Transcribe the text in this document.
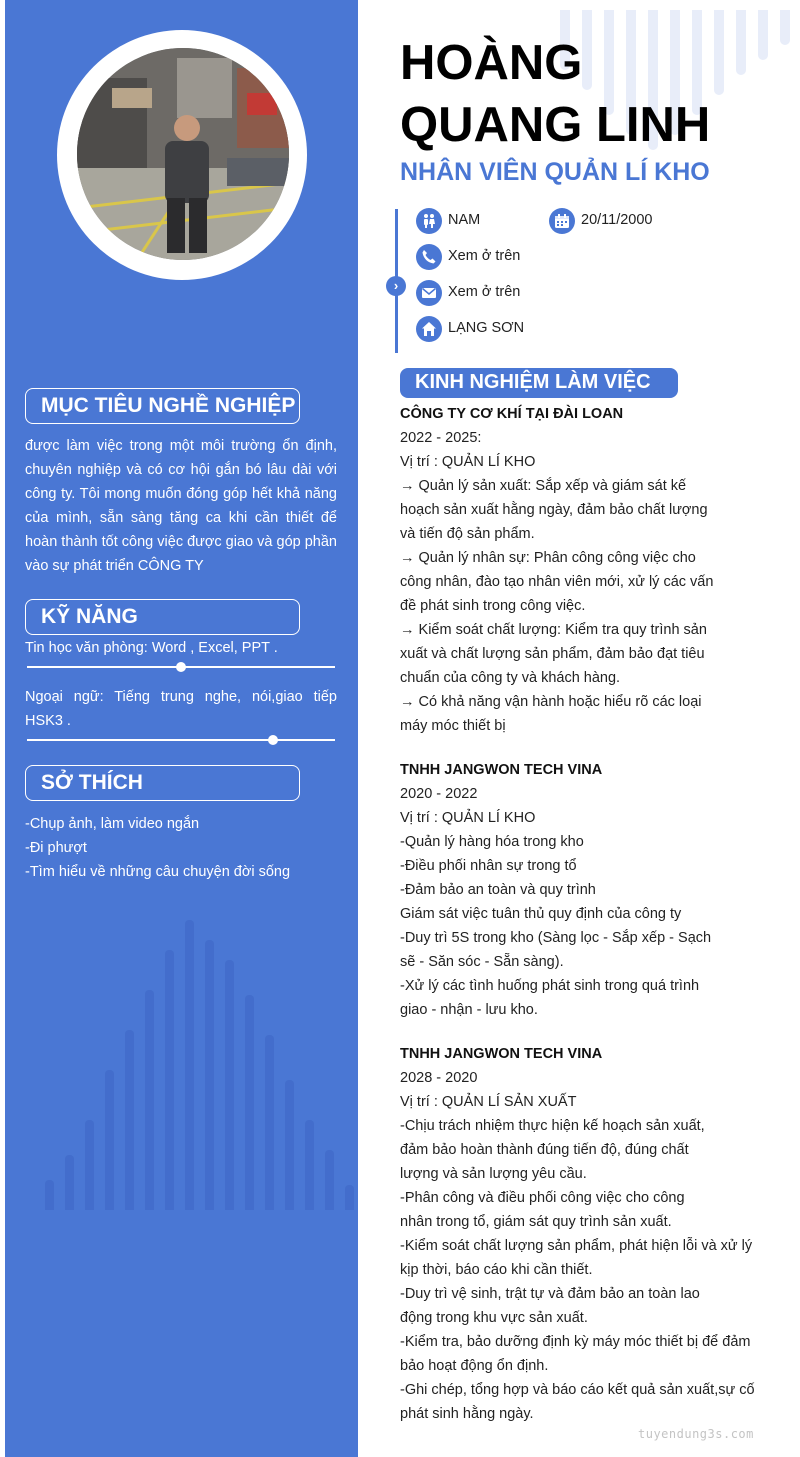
MỤC TIÊU NGHỀ NGHIỆP
được làm việc trong một môi trường ổn định, chuyên nghiệp và có cơ hội gắn bó lâu dài với công ty. Tôi mong muốn đóng góp hết khả năng của mình, sẵn sàng tăng ca khi cần thiết để hoàn thành tốt công việc được giao và góp phần vào sự phát triển CÔNG TY
KỸ NĂNG
Tin học văn phòng: Word , Excel, PPT .
Ngoại ngữ: Tiếng trung nghe, nói,giao tiếp HSK3 .
SỞ THÍCH
-Chụp ảnh, làm video ngắn
-Đi phượt
-Tìm hiểu về những câu chuyện đời sống
HOÀNG
QUANG LINH
NHÂN VIÊN QUẢN LÍ KHO
›
NAM	20/11/2000
Xem ở trên
Xem ở trên
LẠNG SƠN
KINH NGHIỆM LÀM VIỆC
CÔNG TY CƠ KHÍ TẠI ĐÀI LOAN
2022 - 2025:
Vị trí : QUẢN LÍ KHO
→ Quản lý sản xuất: Sắp xếp và giám sát kế
hoạch sản xuất hằng ngày, đảm bảo chất lượng
và tiến độ sản phẩm.
→ Quản lý nhân sự: Phân công công việc cho
công nhân, đào tạo nhân viên mới, xử lý các vấn
đề phát sinh trong công việc.
→ Kiểm soát chất lượng: Kiểm tra quy trình sản
xuất và chất lượng sản phẩm, đảm bảo đạt tiêu
chuẩn của công ty và khách hàng.
→ Có khả năng vận hành hoặc hiểu rõ các loại
máy móc thiết bị
TNHH JANGWON TECH VINA
2020 - 2022
Vị trí : QUẢN LÍ KHO
-Quản lý hàng hóa trong kho
-Điều phối nhân sự trong tổ
-Đảm bảo an toàn và quy trình
Giám sát việc tuân thủ quy định của công ty
-Duy trì 5S trong kho (Sàng lọc - Sắp xếp - Sạch
sẽ - Săn sóc - Sẵn sàng).
-Xử lý các tình huống phát sinh trong quá trình
giao - nhận - lưu kho.
TNHH JANGWON TECH VINA
2028 - 2020
Vị trí : QUẢN LÍ SẢN XUẤT
-Chịu trách nhiệm thực hiện kế hoạch sản xuất,
đảm bảo hoàn thành đúng tiến độ, đúng chất
lượng và sản lượng yêu cầu.
-Phân công và điều phối công việc cho công
nhân trong tổ, giám sát quy trình sản xuất.
-Kiểm soát chất lượng sản phẩm, phát hiện lỗi và xử lý
kịp thời, báo cáo khi cần thiết.
-Duy trì vệ sinh, trật tự và đảm bảo an toàn lao
động trong khu vực sản xuất.
-Kiểm tra, bảo dưỡng định kỳ máy móc thiết bị để đảm
bảo hoạt động ổn định.
-Ghi chép, tổng hợp và báo cáo kết quả sản xuất,sự cố
phát sinh hằng ngày.
tuyendung3s.com
